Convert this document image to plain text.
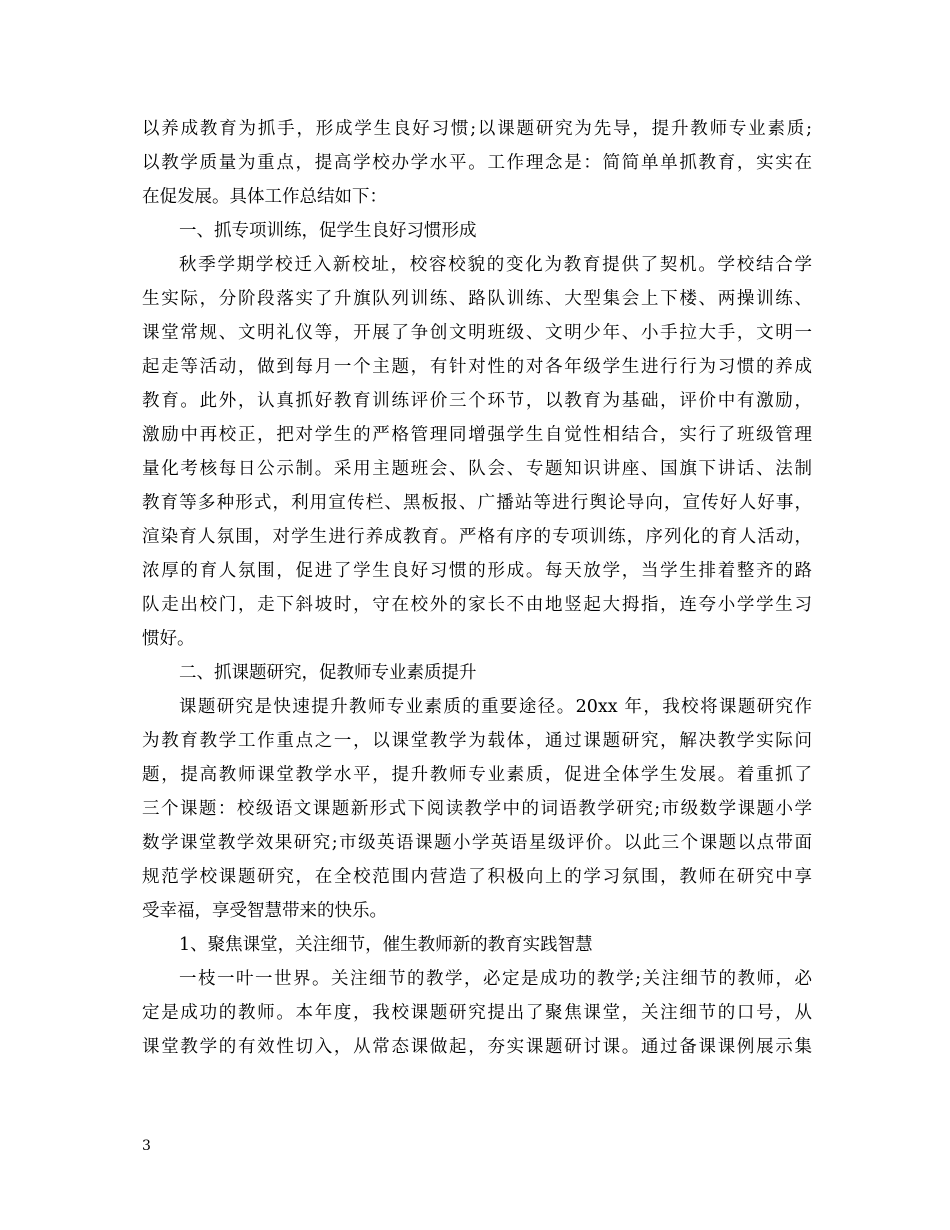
以养成教育为抓手，形成学生良好习惯;以课题研究为先导，提升教师专业素质;
以教学质量为重点，提高学校办学水平。工作理念是：简简单单抓教育，实实在
在促发展。具体工作总结如下：
一、抓专项训练，促学生良好习惯形成
秋季学期学校迁入新校址，校容校貌的变化为教育提供了契机。学校结合学
生实际，分阶段落实了升旗队列训练、路队训练、大型集会上下楼、两操训练、
课堂常规、文明礼仪等，开展了争创文明班级、文明少年、小手拉大手，文明一
起走等活动，做到每月一个主题，有针对性的对各年级学生进行行为习惯的养成
教育。此外，认真抓好教育训练评价三个环节，以教育为基础，评价中有激励，
激励中再校正，把对学生的严格管理同增强学生自觉性相结合，实行了班级管理
量化考核每日公示制。采用主题班会、队会、专题知识讲座、国旗下讲话、法制
教育等多种形式，利用宣传栏、黑板报、广播站等进行舆论导向，宣传好人好事，
渲染育人氛围，对学生进行养成教育。严格有序的专项训练，序列化的育人活动，
浓厚的育人氛围，促进了学生良好习惯的形成。每天放学，当学生排着整齐的路
队走出校门，走下斜坡时，守在校外的家长不由地竖起大拇指，连夸小学学生习
惯好。
二、抓课题研究，促教师专业素质提升
课题研究是快速提升教师专业素质的重要途径。20xx 年，我校将课题研究作
为教育教学工作重点之一，以课堂教学为载体，通过课题研究，解决教学实际问
题，提高教师课堂教学水平，提升教师专业素质，促进全体学生发展。着重抓了
三个课题：校级语文课题新形式下阅读教学中的词语教学研究;市级数学课题小学
数学课堂教学效果研究;市级英语课题小学英语星级评价。以此三个课题以点带面
规范学校课题研究，在全校范围内营造了积极向上的学习氛围，教师在研究中享
受幸福，享受智慧带来的快乐。
1、聚焦课堂，关注细节，催生教师新的教育实践智慧
一枝一叶一世界。关注细节的教学，必定是成功的教学;关注细节的教师，必
定是成功的教师。本年度，我校课题研究提出了聚焦课堂，关注细节的口号，从
课堂教学的有效性切入，从常态课做起，夯实课题研讨课。通过备课课例展示集
3
